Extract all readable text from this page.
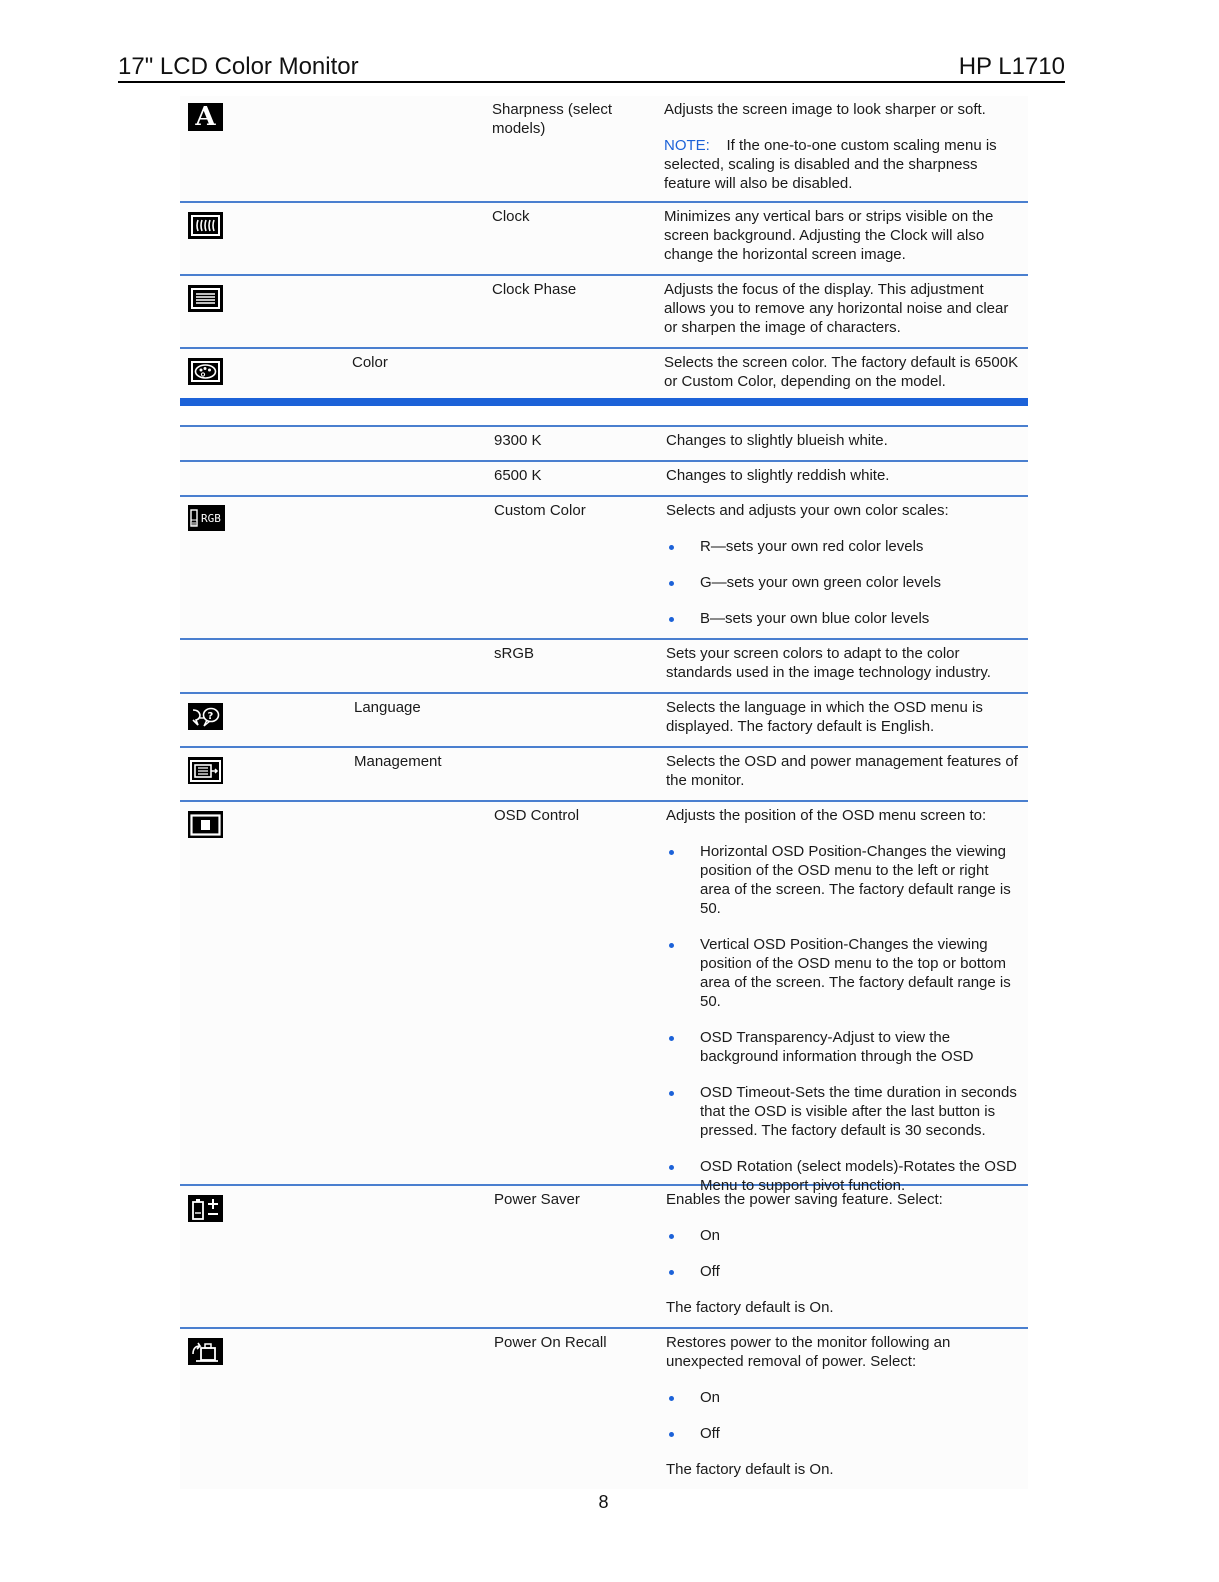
17" LCD Color Monitor	HP L1710
A	Sharpness (select models)

Adjusts the screen image to look sharper or soft.

NOTE: If the one-to-one custom scaling menu is selected, scaling is disabled and the sharpness feature will also be disabled.

Clock	Minimizes any vertical bars or strips visible on the screen background. Adjusting the Clock will also change the horizontal screen image.
Clock Phase	Adjusts the focus of the display. This adjustment allows you to remove any horizontal noise and clear or sharpen the image of characters.
Color	Selects the screen color. The factory default is 6500K or Custom Color, depending on the model.
9300 K	Changes to slightly blueish white.
6500 K	Changes to slightly reddish white.
RGB	Custom Color	Selects and adjusts your own color scales:

R—sets your own red color levels
G—sets your own green color levels
B—sets your own blue color levels
sRGB	Sets your screen colors to adapt to the color standards used in the image technology industry.
?	Language	Selects the language in which the OSD menu is displayed. The factory default is English.
Management	Selects the OSD and power management features of the monitor.
OSD Control	Adjusts the position of the OSD menu screen to:

Horizontal OSD Position-Changes the viewing position of the OSD menu to the left or right area of the screen. The factory default range is 50.
Vertical OSD Position-Changes the viewing position of the OSD menu to the top or bottom area of the screen. The factory default range is 50.
OSD Transparency-Adjust to view the background information through the OSD
OSD Timeout-Sets the time duration in seconds that the OSD is visible after the last button is pressed. The factory default is 30 seconds.
OSD Rotation (select models)-Rotates the OSD Menu to support pivot function.
Power Saver	Enables the power saving feature. Select:

On
Off

The factory default is On.

Power On Recall	Restores power to the monitor following an unexpected removal of power. Select:

On
Off

The factory default is On.

8
